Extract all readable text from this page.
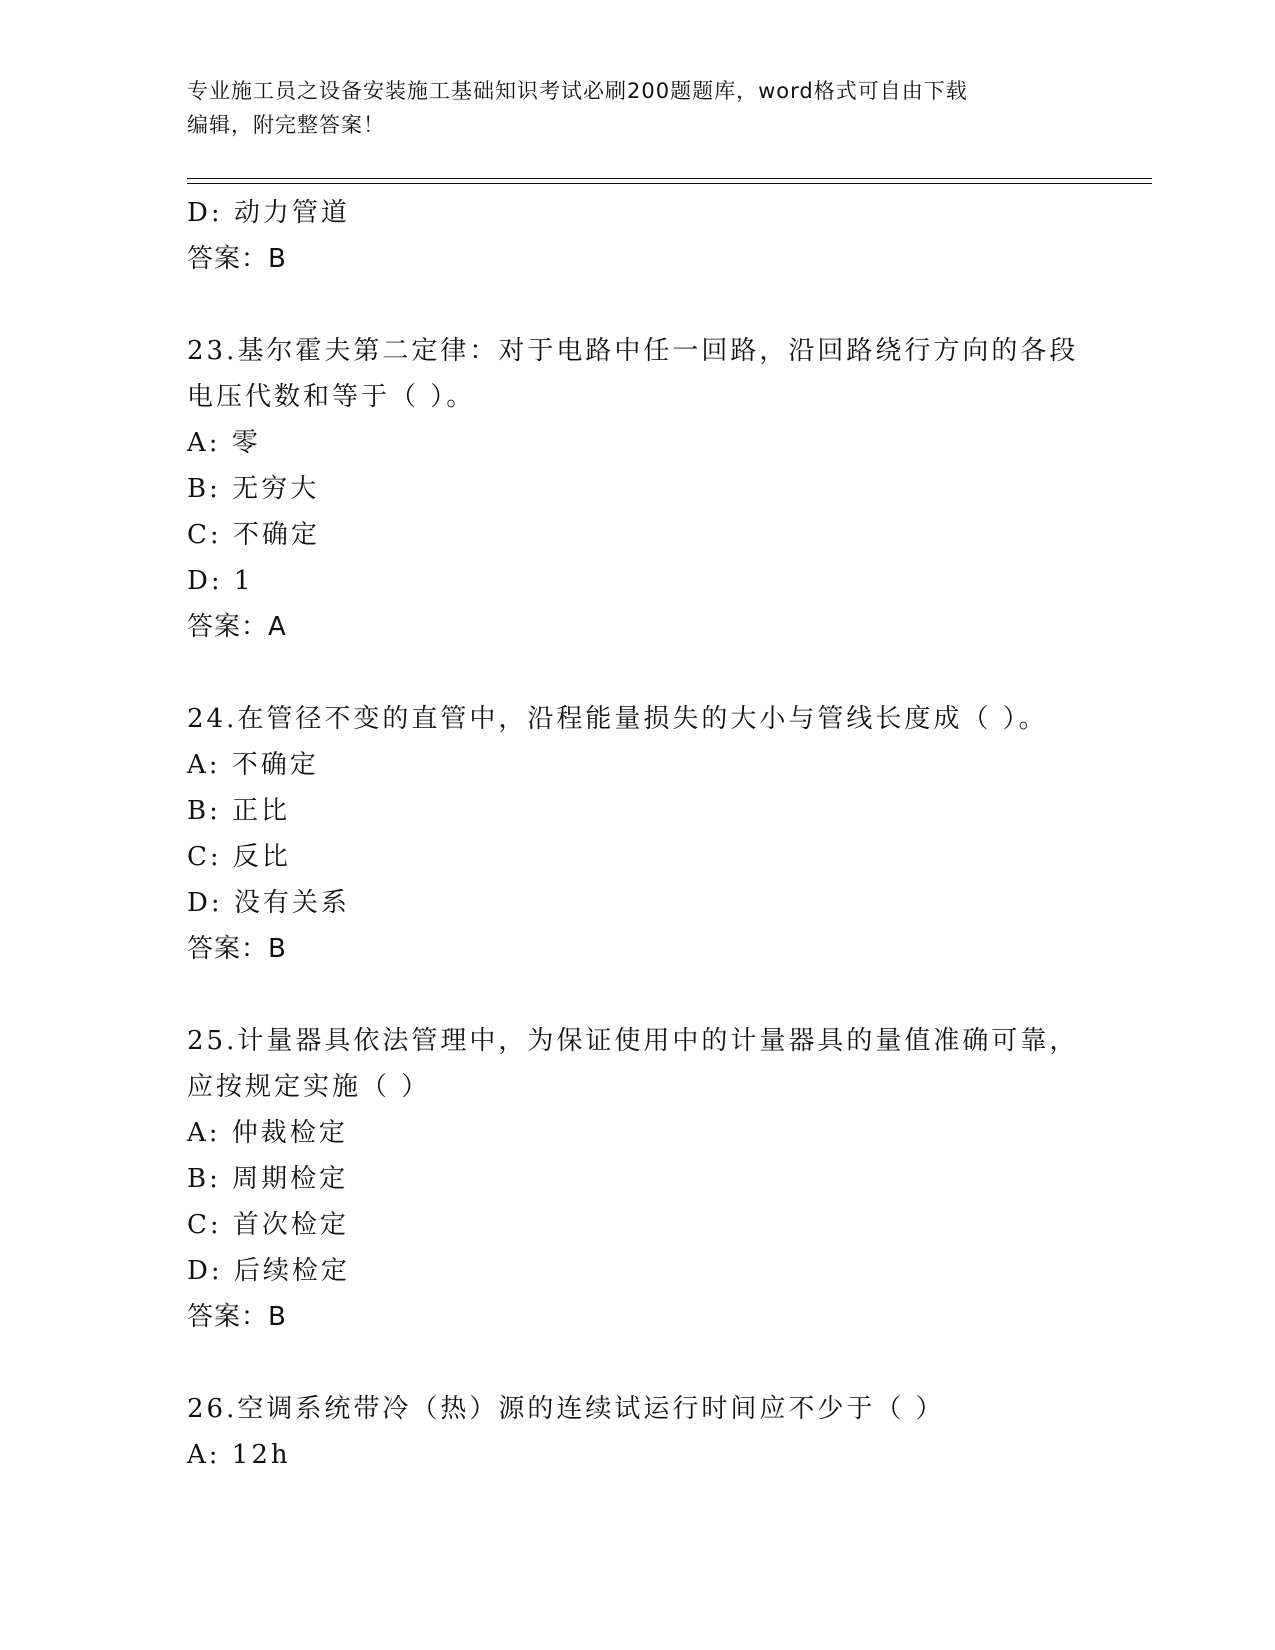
专业施工员之设备安装施工基础知识考试必刷200题题库，word格式可自由下载
编辑，附完整答案！
D: 动力管道
答案：B
23.基尔霍夫第二定律：对于电路中任一回路，沿回路绕行方向的各段
电压代数和等于（ ）。
A: 零
B: 无穷大
C: 不确定
D: 1
答案：A
24.在管径不变的直管中，沿程能量损失的大小与管线长度成（ ）。
A: 不确定
B: 正比
C: 反比
D: 没有关系
答案：B
25.计量器具依法管理中，为保证使用中的计量器具的量值准确可靠，
应按规定实施（ ）
A: 仲裁检定
B: 周期检定
C: 首次检定
D: 后续检定
答案：B
26.空调系统带冷（热）源的连续试运行时间应不少于（ ）
A: 12h
